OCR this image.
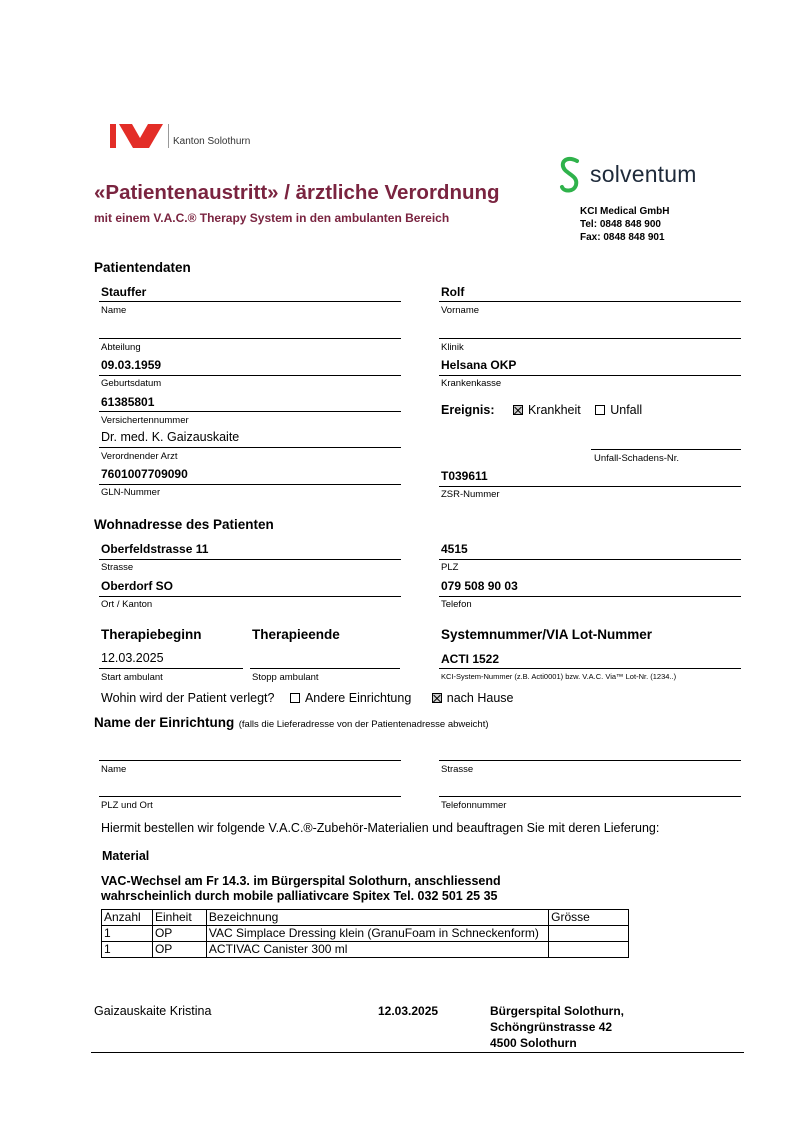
Kanton Solothurn
solventum
«Patientenaustritt» / ärztliche Verordnung
mit einem V.A.C.® Therapy System in den ambulanten Bereich	KCI Medical GmbH
Tel: 0848 848 900
Fax: 0848 848 901
Patientendaten
Stauffer
Name
Rolf
Vorname
Abteilung	Klinik
09.03.1959
Geburtsdatum
Helsana OKP
Krankenkasse
61385801
Versichertennummer
Ereignis:	Krankheit Unfall
Dr. med. K. Gaizauskaite
Verordnender Arzt	Unfall-Schadens-Nr.
7601007709090
GLN-Nummer
T039611
ZSR-Nummer
Wohnadresse des Patienten
Oberfeldstrasse 11
Strasse
4515
PLZ
Oberdorf SO
Ort / Kanton
079 508 90 03
Telefon
Therapiebeginn	Therapieende	Systemnummer/VIA Lot-Nummer
12.03.2025
Start ambulant	Stopp ambulant
ACTI 1522
KCI-System-Nummer (z.B. Acti0001) bzw. V.A.C. Via™ Lot-Nr. (1234..)
Wohin wird der Patient verlegt? Andere Einrichtung	nach Hause
Name der Einrichtung (falls die Lieferadresse von der Patientenadresse abweicht)
Name	Strasse
PLZ und Ort	Telefonnummer
Hiermit bestellen wir folgende V.A.C.®-Zubehör-Materialien und beauftragen Sie mit deren Lieferung:
Material
VAC-Wechsel am Fr 14.3. im Bürgerspital Solothurn, anschliessend
wahrscheinlich durch mobile palliativcare Spitex Tel. 032 501 25 35
Anzahl	Einheit	Bezeichnung	Grösse
1	OP	VAC Simplace Dressing klein (GranuFoam in Schneckenform)	
1	OP	ACTIVAC Canister 300 ml	
Gaizauskaite Kristina	12.03.2025	Bürgerspital Solothurn,
Schöngrünstrasse 42
4500 Solothurn
